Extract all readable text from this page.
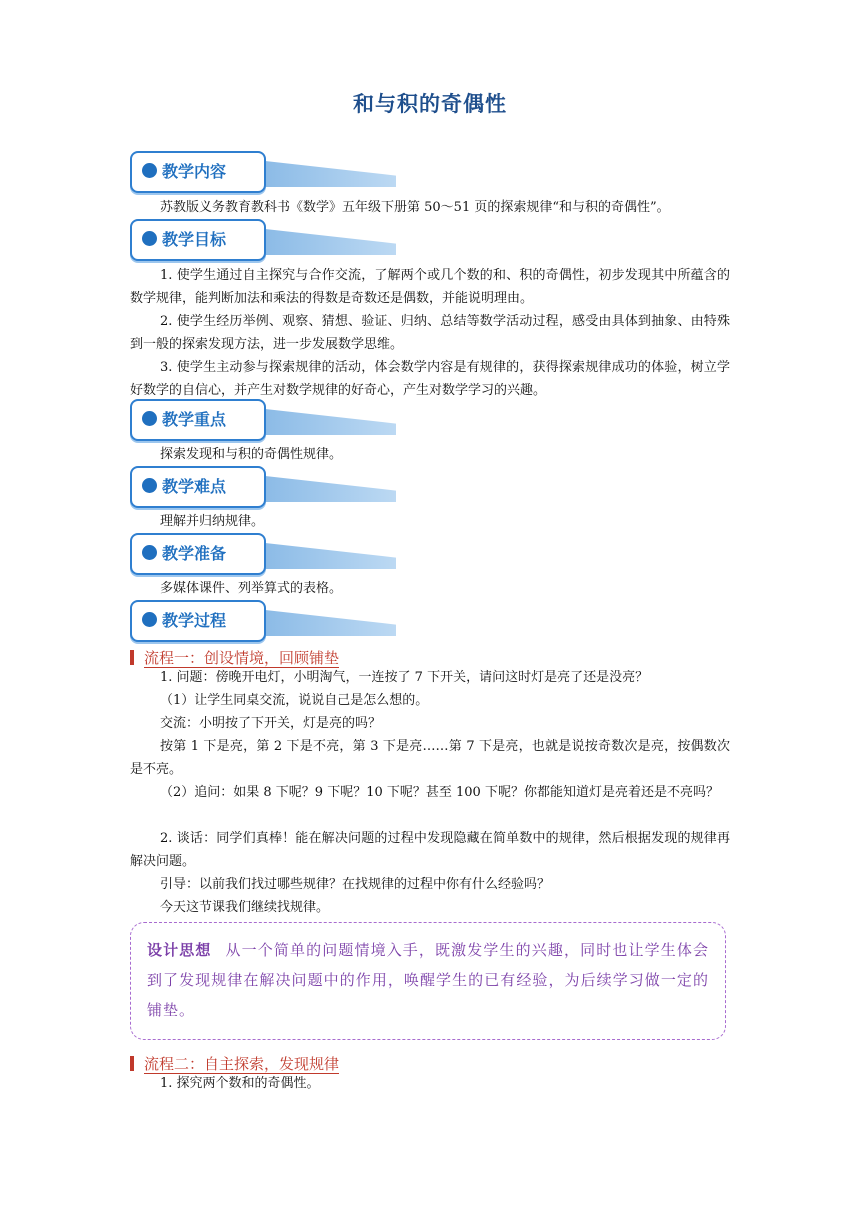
和与积的奇偶性
教学内容
苏教版义务教育教科书《数学》五年级下册第 50～51 页的探索规律“和与积的奇偶性”。
教学目标
1. 使学生通过自主探究与合作交流，了解两个或几个数的和、积的奇偶性，初步发现其中所蕴含的数学规律，能判断加法和乘法的得数是奇数还是偶数，并能说明理由。
2. 使学生经历举例、观察、猜想、验证、归纳、总结等数学活动过程，感受由具体到抽象、由特殊到一般的探索发现方法，进一步发展数学思维。
3. 使学生主动参与探索规律的活动，体会数学内容是有规律的，获得探索规律成功的体验，树立学好数学的自信心，并产生对数学规律的好奇心，产生对数学学习的兴趣。
教学重点
探索发现和与积的奇偶性规律。
教学难点
理解并归纳规律。
教学准备
多媒体课件、列举算式的表格。
教学过程
流程一：创设情境，回顾铺垫
1. 问题：傍晚开电灯，小明淘气，一连按了 7 下开关，请问这时灯是亮了还是没亮？
（1）让学生同桌交流，说说自己是怎么想的。
交流：小明按了下开关，灯是亮的吗？
按第 1 下是亮，第 2 下是不亮，第 3 下是亮……第 7 下是亮，也就是说按奇数次是亮，按偶数次是不亮。
（2）追问：如果 8 下呢？9 下呢？10 下呢？甚至 100 下呢？你都能知道灯是亮着还是不亮吗？
2. 谈话：同学们真棒！能在解决问题的过程中发现隐藏在简单数中的规律，然后根据发现的规律再解决问题。
引导：以前我们找过哪些规律？在找规律的过程中你有什么经验吗？
今天这节课我们继续找规律。
设计思想 从一个简单的问题情境入手，既激发学生的兴趣，同时也让学生体会到了发现规律在解决问题中的作用，唤醒学生的已有经验，为后续学习做一定的铺垫。
流程二：自主探索，发现规律
1. 探究两个数和的奇偶性。
